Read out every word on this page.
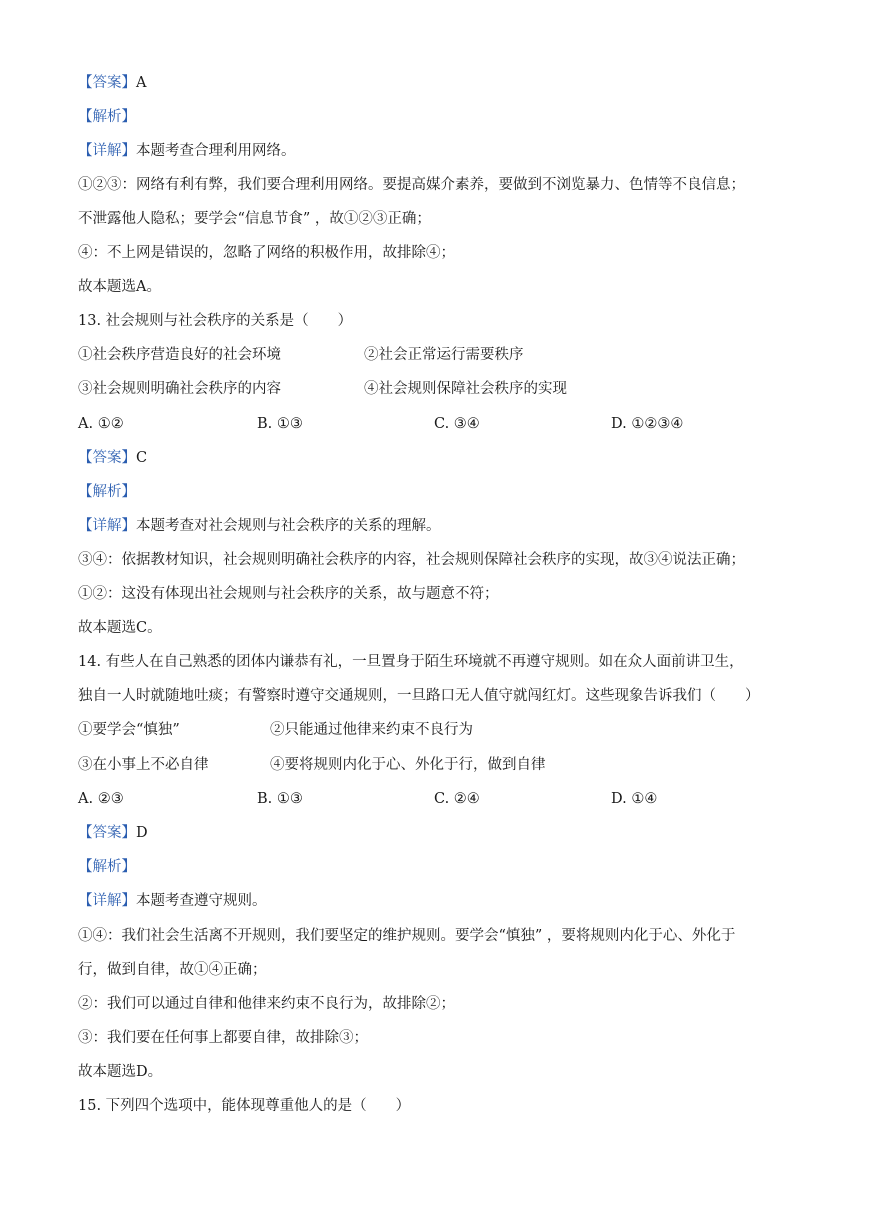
【答案】A
【解析】
【详解】本题考查合理利用网络。
①②③：网络有利有弊，我们要合理利用网络。要提高媒介素养，要做到不浏览暴力、色情等不良信息；
不泄露他人隐私；要学会“信息节食” ，故①②③正确；
④：不上网是错误的，忽略了网络的积极作用，故排除④；
故本题选A。
13. 社会规则与社会秩序的关系是（　　）
①社会秩序营造良好的社会环境	②社会正常运行需要秩序
③社会规则明确社会秩序的内容	④社会规则保障社会秩序的实现
A. ①②	B. ①③	C. ③④	D. ①②③④
【答案】C
【解析】
【详解】本题考查对社会规则与社会秩序的关系的理解。
③④：依据教材知识，社会规则明确社会秩序的内容，社会规则保障社会秩序的实现，故③④说法正确；
①②：这没有体现出社会规则与社会秩序的关系，故与题意不符；
故本题选C。
14. 有些人在自己熟悉的团体内谦恭有礼，一旦置身于陌生环境就不再遵守规则。如在众人面前讲卫生，
独自一人时就随地吐痰；有警察时遵守交通规则，一旦路口无人值守就闯红灯。这些现象告诉我们（　　）
①要学会“慎独”	②只能通过他律来约束不良行为
③在小事上不必自律	④要将规则内化于心、外化于行，做到自律
A. ②③	B. ①③	C. ②④	D. ①④
【答案】D
【解析】
【详解】本题考查遵守规则。
①④：我们社会生活离不开规则，我们要坚定的维护规则。要学会“慎独” ，要将规则内化于心、外化于
行，做到自律，故①④正确；
②：我们可以通过自律和他律来约束不良行为，故排除②；
③：我们要在任何事上都要自律，故排除③；
故本题选D。
15. 下列四个选项中，能体现尊重他人的是（　　）
